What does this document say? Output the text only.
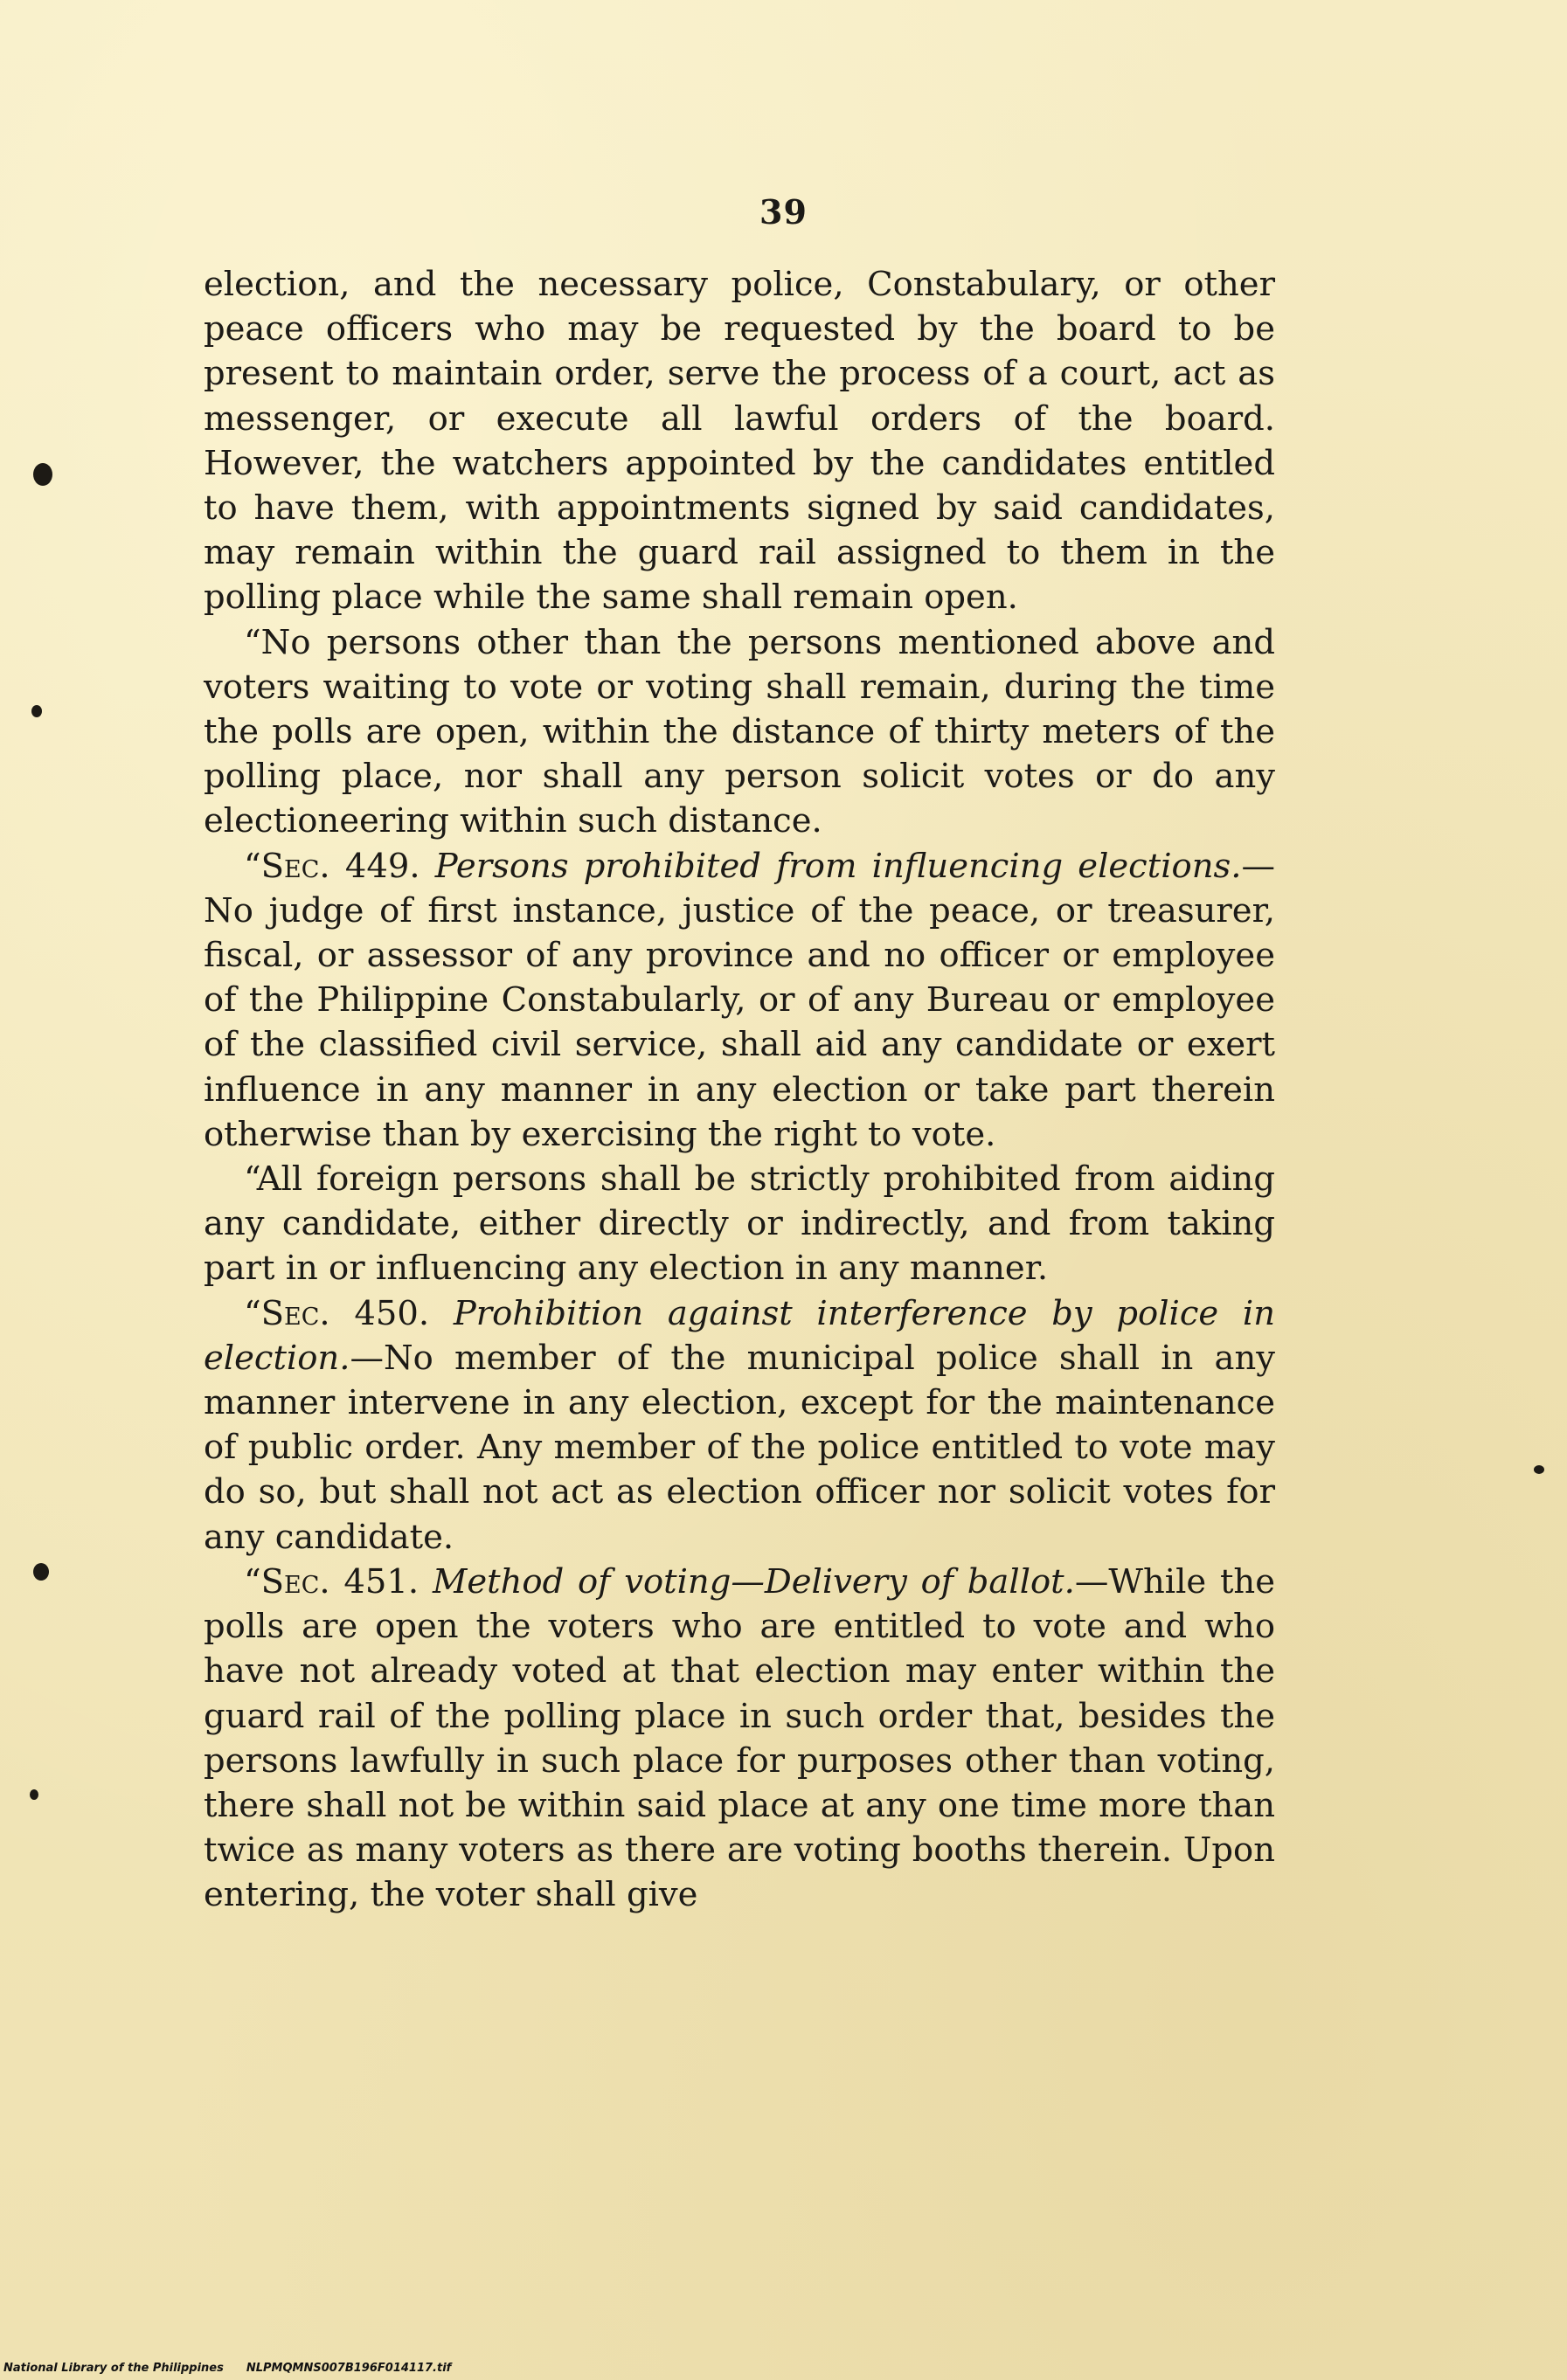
39

election, and the necessary police, Constabulary, or other peace officers who may be requested by the board to be present to maintain order, serve the process of a court, act as messenger, or execute all lawful orders of the board. However, the watchers appointed by the candidates entitled to have them, with appointments signed by said candidates, may remain within the guard rail assigned to them in the polling place while the same shall remain open.

“No persons other than the persons mentioned above and voters waiting to vote or voting shall remain, during the time the polls are open, within the distance of thirty meters of the polling place, nor shall any person solicit votes or do any electioneering within such distance.

“Sec. 449. Persons prohibited from influencing elections.—No judge of first instance, justice of the peace, or treasurer, fiscal, or assessor of any province and no officer or employee of the Philippine Constabularly, or of any Bureau or employee of the classified civil service, shall aid any candidate or exert influence in any manner in any election or take part therein otherwise than by exercising the right to vote.

“All foreign persons shall be strictly prohibited from aiding any candidate, either directly or indirectly, and from taking part in or influencing any election in any manner.

“Sec. 450. Prohibition against interference by police in election.—No member of the municipal police shall in any manner intervene in any election, except for the maintenance of public order. Any member of the police entitled to vote may do so, but shall not act as election officer nor solicit votes for any candidate.

“Sec. 451. Method of voting—Delivery of ballot.—While the polls are open the voters who are entitled to vote and who have not already voted at that election may enter within the guard rail of the polling place in such order that, besides the persons lawfully in such place for purposes other than voting, there shall not be within said place at any one time more than twice as many voters as there are voting booths therein. Upon entering, the voter shall give

National Library of the Philippines NLPMQMNS007B196F014117.tif
